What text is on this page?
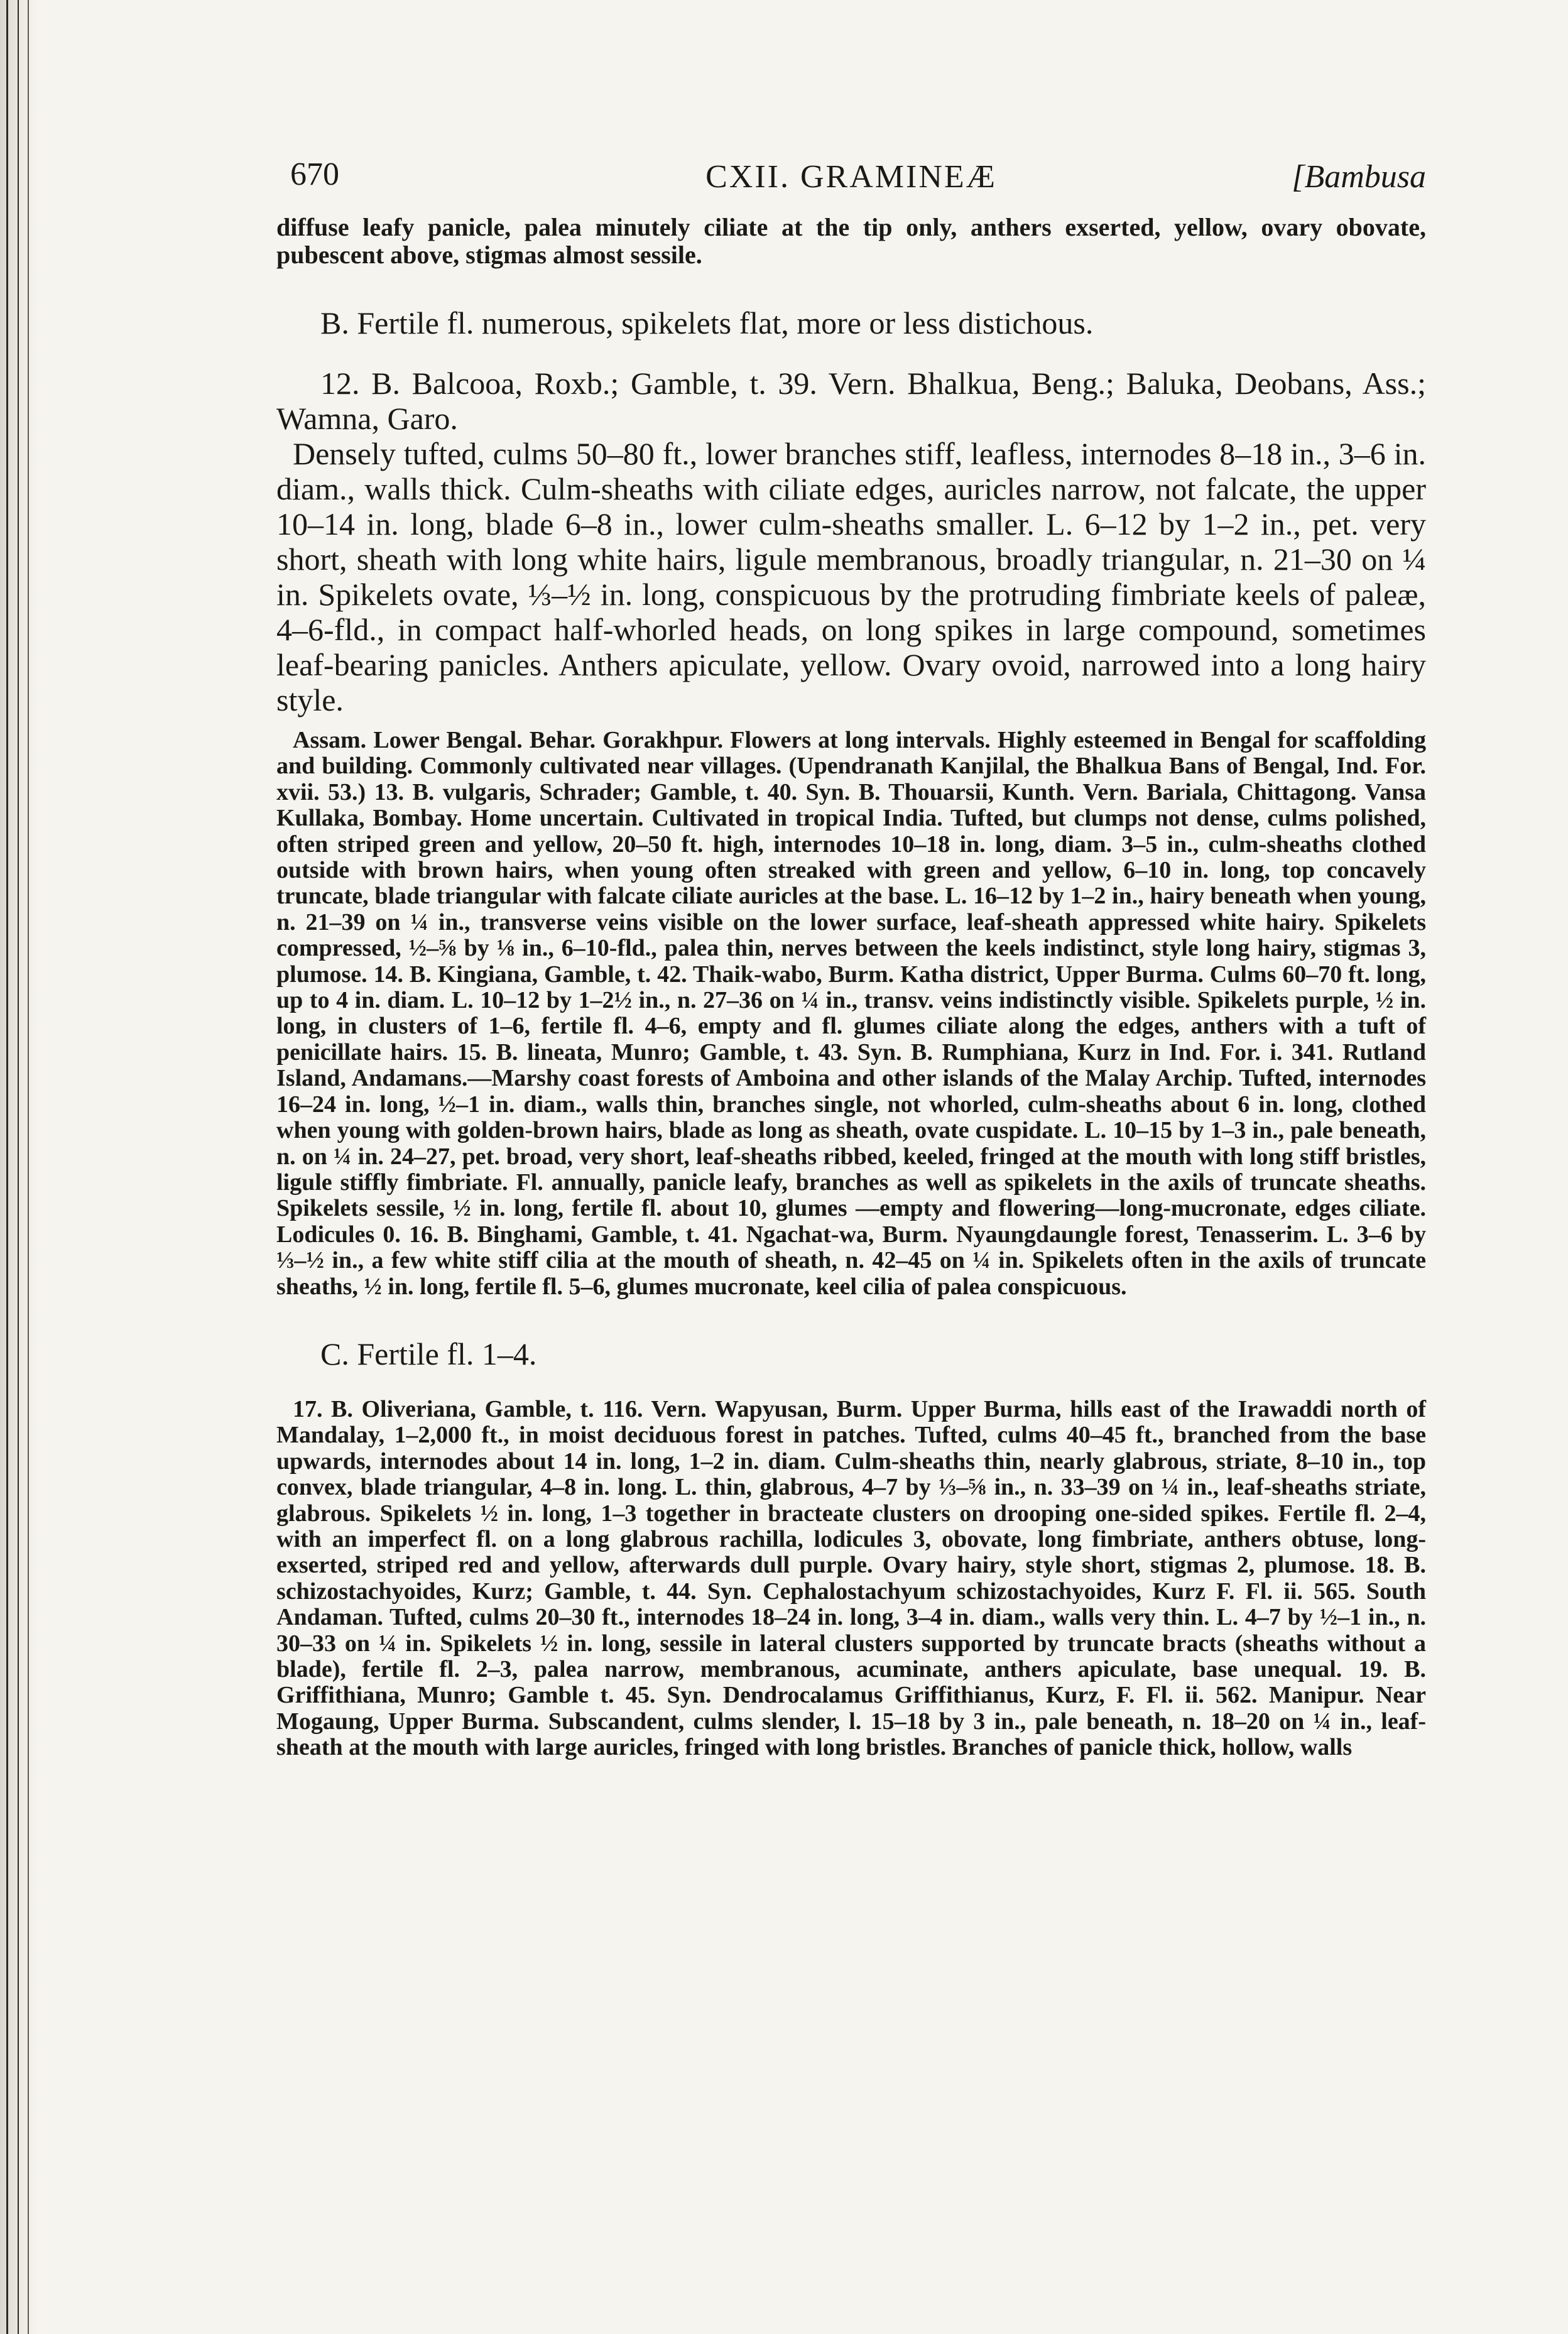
670	CXII. GRAMINEÆ	[Bambusa

diffuse leafy panicle, palea minutely ciliate at the tip only, anthers exserted, yellow, ovary obovate, pubescent above, stigmas almost sessile.

B. Fertile fl. numerous, spikelets flat, more or less distichous.

12. B. Balcooa, Roxb.; Gamble, t. 39. Vern. Bhalkua, Beng.; Baluka, Deobans, Ass.; Wamna, Garo.

Densely tufted, culms 50–80 ft., lower branches stiff, leafless, internodes 8–18 in., 3–6 in. diam., walls thick. Culm-sheaths with ciliate edges, auricles narrow, not falcate, the upper 10–14 in. long, blade 6–8 in., lower culm-sheaths smaller. L. 6–12 by 1–2 in., pet. very short, sheath with long white hairs, ligule membranous, broadly triangular, n. 21–30 on ¼ in. Spikelets ovate, ⅓–½ in. long, conspicuous by the protruding fimbriate keels of paleæ, 4–6-fld., in compact half-whorled heads, on long spikes in large compound, sometimes leaf-bearing panicles. Anthers apiculate, yellow. Ovary ovoid, narrowed into a long hairy style.

Assam. Lower Bengal. Behar. Gorakhpur. Flowers at long intervals. Highly esteemed in Bengal for scaffolding and building. Commonly cultivated near villages. (Upendranath Kanjilal, the Bhalkua Bans of Bengal, Ind. For. xvii. 53.) 13. B. vulgaris, Schrader; Gamble, t. 40. Syn. B. Thouarsii, Kunth. Vern. Bariala, Chittagong. Vansa Kullaka, Bombay. Home uncertain. Cultivated in tropical India. Tufted, but clumps not dense, culms polished, often striped green and yellow, 20–50 ft. high, internodes 10–18 in. long, diam. 3–5 in., culm-sheaths clothed outside with brown hairs, when young often streaked with green and yellow, 6–10 in. long, top concavely truncate, blade triangular with falcate ciliate auricles at the base. L. 16–12 by 1–2 in., hairy beneath when young, n. 21–39 on ¼ in., transverse veins visible on the lower surface, leaf-sheath appressed white hairy. Spikelets compressed, ½–⅝ by ⅛ in., 6–10-fld., palea thin, nerves between the keels indistinct, style long hairy, stigmas 3, plumose. 14. B. Kingiana, Gamble, t. 42. Thaik-wabo, Burm. Katha district, Upper Burma. Culms 60–70 ft. long, up to 4 in. diam. L. 10–12 by 1–2½ in., n. 27–36 on ¼ in., transv. veins indistinctly visible. Spikelets purple, ½ in. long, in clusters of 1–6, fertile fl. 4–6, empty and fl. glumes ciliate along the edges, anthers with a tuft of penicillate hairs. 15. B. lineata, Munro; Gamble, t. 43. Syn. B. Rumphiana, Kurz in Ind. For. i. 341. Rutland Island, Andamans.—Marshy coast forests of Amboina and other islands of the Malay Archip. Tufted, internodes 16–24 in. long, ½–1 in. diam., walls thin, branches single, not whorled, culm-sheaths about 6 in. long, clothed when young with golden-brown hairs, blade as long as sheath, ovate cuspidate. L. 10–15 by 1–3 in., pale beneath, n. on ¼ in. 24–27, pet. broad, very short, leaf-sheaths ribbed, keeled, fringed at the mouth with long stiff bristles, ligule stiffly fimbriate. Fl. annually, panicle leafy, branches as well as spikelets in the axils of truncate sheaths. Spikelets sessile, ½ in. long, fertile fl. about 10, glumes —empty and flowering—long-mucronate, edges ciliate. Lodicules 0. 16. B. Binghami, Gamble, t. 41. Ngachat-wa, Burm. Nyaungdaungle forest, Tenasserim. L. 3–6 by ⅓–½ in., a few white stiff cilia at the mouth of sheath, n. 42–45 on ¼ in. Spikelets often in the axils of truncate sheaths, ½ in. long, fertile fl. 5–6, glumes mucronate, keel cilia of palea conspicuous.

C. Fertile fl. 1–4.

17. B. Oliveriana, Gamble, t. 116. Vern. Wapyusan, Burm. Upper Burma, hills east of the Irawaddi north of Mandalay, 1–2,000 ft., in moist deciduous forest in patches. Tufted, culms 40–45 ft., branched from the base upwards, internodes about 14 in. long, 1–2 in. diam. Culm-sheaths thin, nearly glabrous, striate, 8–10 in., top convex, blade triangular, 4–8 in. long. L. thin, glabrous, 4–7 by ⅓–⅝ in., n. 33–39 on ¼ in., leaf-sheaths striate, glabrous. Spikelets ½ in. long, 1–3 together in bracteate clusters on drooping one-sided spikes. Fertile fl. 2–4, with an imperfect fl. on a long glabrous rachilla, lodicules 3, obovate, long fimbriate, anthers obtuse, long-exserted, striped red and yellow, afterwards dull purple. Ovary hairy, style short, stigmas 2, plumose. 18. B. schizostachyoides, Kurz; Gamble, t. 44. Syn. Cephalostachyum schizostachyoides, Kurz F. Fl. ii. 565. South Andaman. Tufted, culms 20–30 ft., internodes 18–24 in. long, 3–4 in. diam., walls very thin. L. 4–7 by ½–1 in., n. 30–33 on ¼ in. Spikelets ½ in. long, sessile in lateral clusters supported by truncate bracts (sheaths without a blade), fertile fl. 2–3, palea narrow, membranous, acuminate, anthers apiculate, base unequal. 19. B. Griffithiana, Munro; Gamble t. 45. Syn. Dendrocalamus Griffithianus, Kurz, F. Fl. ii. 562. Manipur. Near Mogaung, Upper Burma. Subscandent, culms slender, l. 15–18 by 3 in., pale beneath, n. 18–20 on ¼ in., leaf-sheath at the mouth with large auricles, fringed with long bristles. Branches of panicle thick, hollow, walls
